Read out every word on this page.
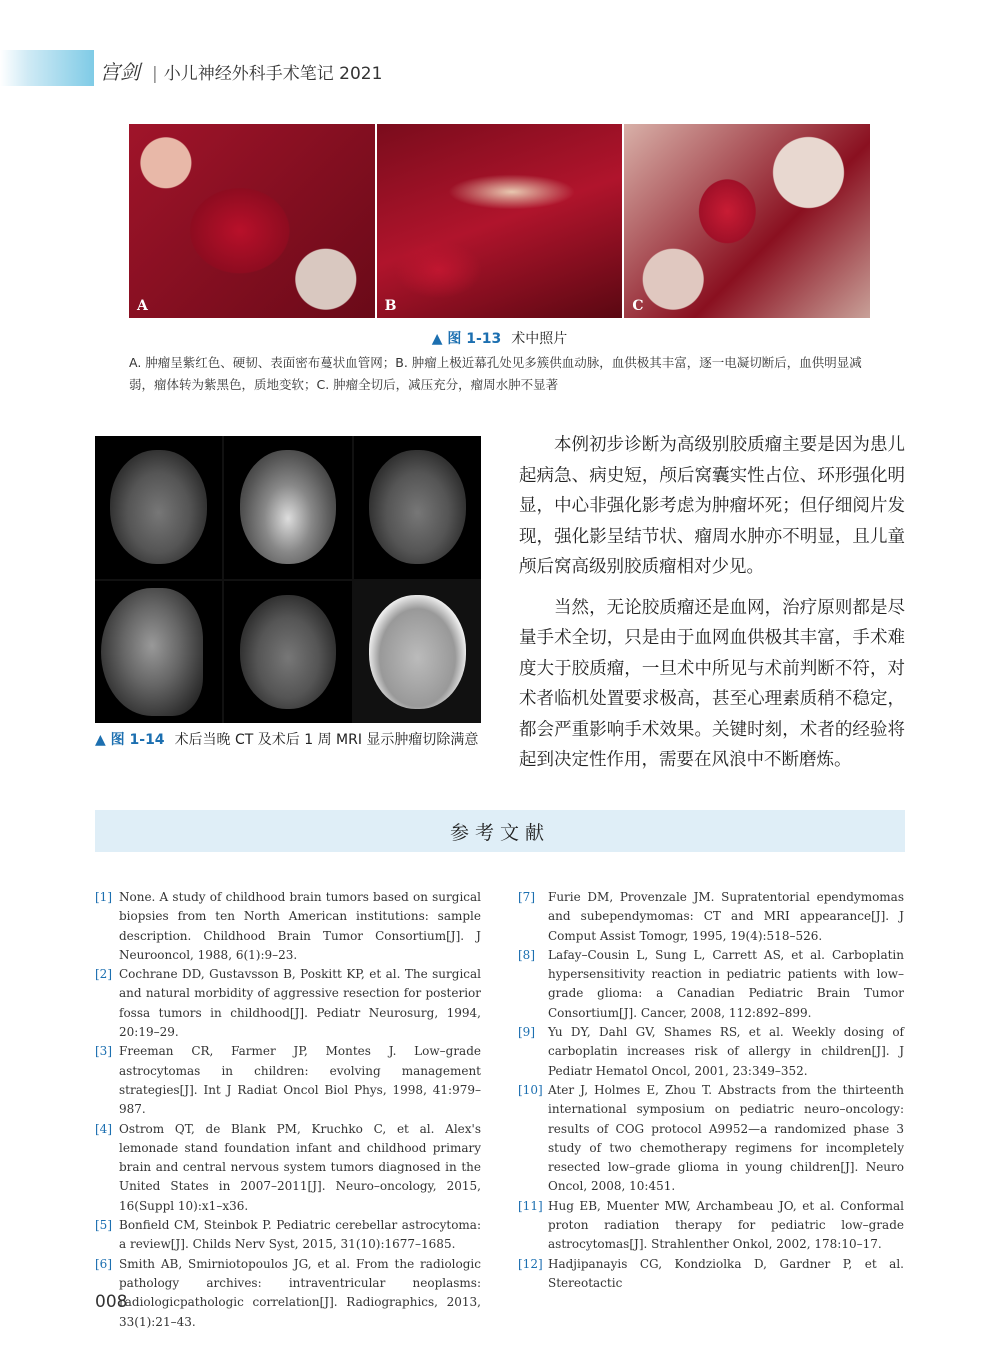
宫剑 | 小儿神经外科手术笔记 2021
A	B	C
▲ 图 1-13 术中照片
A. 肿瘤呈紫红色、硬韧、表面密布蔓状血管网；B. 肿瘤上极近幕孔处见多簇供血动脉，血供极其丰富，逐一电凝切断后，血供明显减弱，瘤体转为紫黑色，质地变软；C. 肿瘤全切后，减压充分，瘤周水肿不显著
▲ 图 1-14 术后当晚 CT 及术后 1 周 MRI 显示肿瘤切除满意

本例初步诊断为高级别胶质瘤主要是因为患儿起病急、病史短，颅后窝囊实性占位、环形强化明显，中心非强化影考虑为肿瘤坏死；但仔细阅片发现，强化影呈结节状、瘤周水肿亦不明显，且儿童颅后窝高级别胶质瘤相对少见。

当然，无论胶质瘤还是血网，治疗原则都是尽量手术全切，只是由于血网血供极其丰富，手术难度大于胶质瘤，一旦术中所见与术前判断不符，对术者临机处置要求极高，甚至心理素质稍不稳定，都会严重影响手术效果。关键时刻，术者的经验将起到决定性作用，需要在风浪中不断磨炼。

参考文献
[1] None. A study of childhood brain tumors based on surgical biopsies from ten North American institutions: sample description. Childhood Brain Tumor Consortium[J]. J Neurooncol, 1988, 6(1):9–23.
[2] Cochrane DD, Gustavsson B, Poskitt KP, et al. The surgical and natural morbidity of aggressive resection for posterior fossa tumors in childhood[J]. Pediatr Neurosurg, 1994, 20:19–29.
[3] Freeman CR, Farmer JP, Montes J. Low–grade astrocytomas in children: evolving management strategies[J]. Int J Radiat Oncol Biol Phys, 1998, 41:979–987.
[4] Ostrom QT, de Blank PM, Kruchko C, et al. Alex's lemonade stand foundation infant and childhood primary brain and central nervous system tumors diagnosed in the United States in 2007–2011[J]. Neuro–oncology, 2015, 16(Suppl 10):x1–x36.
[5] Bonfield CM, Steinbok P. Pediatric cerebellar astrocytoma: a review[J]. Childs Nerv Syst, 2015, 31(10):1677–1685.
[6] Smith AB, Smirniotopoulos JG, et al. From the radiologic pathology archives: intraventricular neoplasms: radiologicpathologic correlation[J]. Radiographics, 2013, 33(1):21–43.
[7]	Furie DM, Provenzale JM. Supratentorial ependymomas and subependymomas: CT and MRI appearance[J]. J Comput Assist Tomogr, 1995, 19(4):518–526.
[8]	Lafay–Cousin L, Sung L, Carrett AS, et al. Carboplatin hypersensitivity reaction in pediatric patients with low–grade glioma: a Canadian Pediatric Brain Tumor Consortium[J]. Cancer, 2008, 112:892–899.
[9]	Yu DY, Dahl GV, Shames RS, et al. Weekly dosing of carboplatin increases risk of allergy in children[J]. J Pediatr Hematol Oncol, 2001, 23:349–352.
[10] Ater J, Holmes E, Zhou T. Abstracts from the thirteenth international symposium on pediatric neuro–oncology: results of COG protocol A9952—a randomized phase 3 study of two chemotherapy regimens for incompletely resected low–grade glioma in young children[J]. Neuro Oncol, 2008, 10:451.
[11] Hug EB, Muenter MW, Archambeau JO, et al. Conformal proton radiation therapy for pediatric low–grade astrocytomas[J]. Strahlenther Onkol, 2002, 178:10–17.
[12] Hadjipanayis CG, Kondziolka D, Gardner P, et al. Stereotactic
008
